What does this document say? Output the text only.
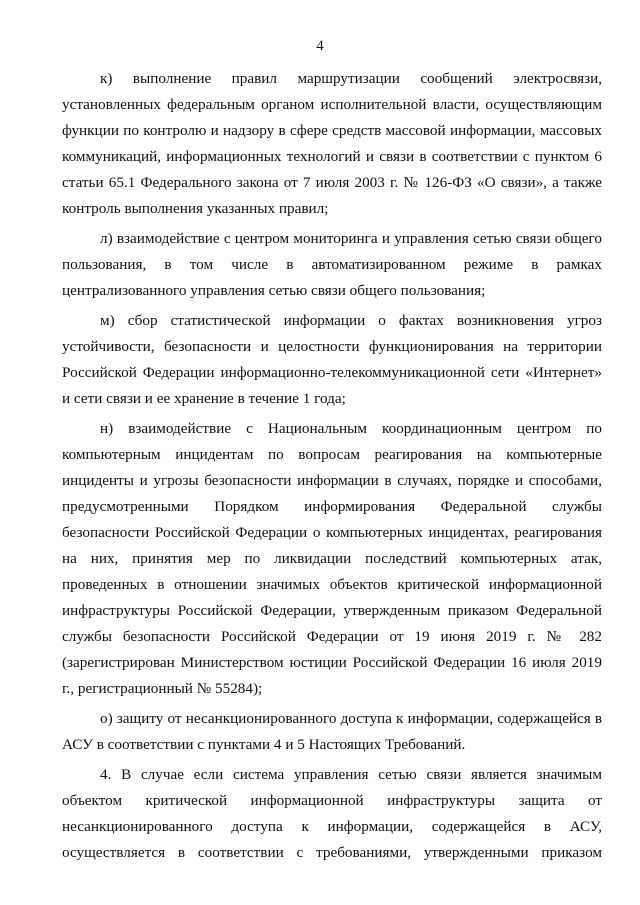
4

к) выполнение правил маршрутизации сообщений электросвязи, установленных федеральным органом исполнительной власти, осуществляющим функции по контролю и надзору в сфере средств массовой информации, массовых коммуникаций, информационных технологий и связи в соответствии с пунктом 6 статьи 65.1 Федерального закона от 7 июля 2003 г. № 126-ФЗ «О связи», а также контроль выполнения указанных правил;

л) взаимодействие с центром мониторинга и управления сетью связи общего пользования, в том числе в автоматизированном режиме в рамках централизованного управления сетью связи общего пользования;

м) сбор статистической информации о фактах возникновения угроз устойчивости, безопасности и целостности функционирования на территории Российской Федерации информационно-телекоммуникационной сети «Интернет» и сети связи и ее хранение в течение 1 года;

н) взаимодействие с Национальным координационным центром по компьютерным инцидентам по вопросам реагирования на компьютерные инциденты и угрозы безопасности информации в случаях, порядке и способами, предусмотренными Порядком информирования Федеральной службы безопасности Российской Федерации о компьютерных инцидентах, реагирования на них, принятия мер по ликвидации последствий компьютерных атак, проведенных в отношении значимых объектов критической информационной инфраструктуры Российской Федерации, утвержденным приказом Федеральной службы безопасности Российской Федерации от 19 июня 2019 г. № 282 (зарегистрирован Министерством юстиции Российской Федерации 16 июля 2019 г., регистрационный № 55284);

о) защиту от несанкционированного доступа к информации, содержащейся в АСУ в соответствии с пунктами 4 и 5 Настоящих Требований.

4. В случае если система управления сетью связи является значимым объектом критической информационной инфраструктуры защита от несанкционированного доступа к информации, содержащейся в АСУ, осуществляется в соответствии с требованиями, утвержденными приказом
